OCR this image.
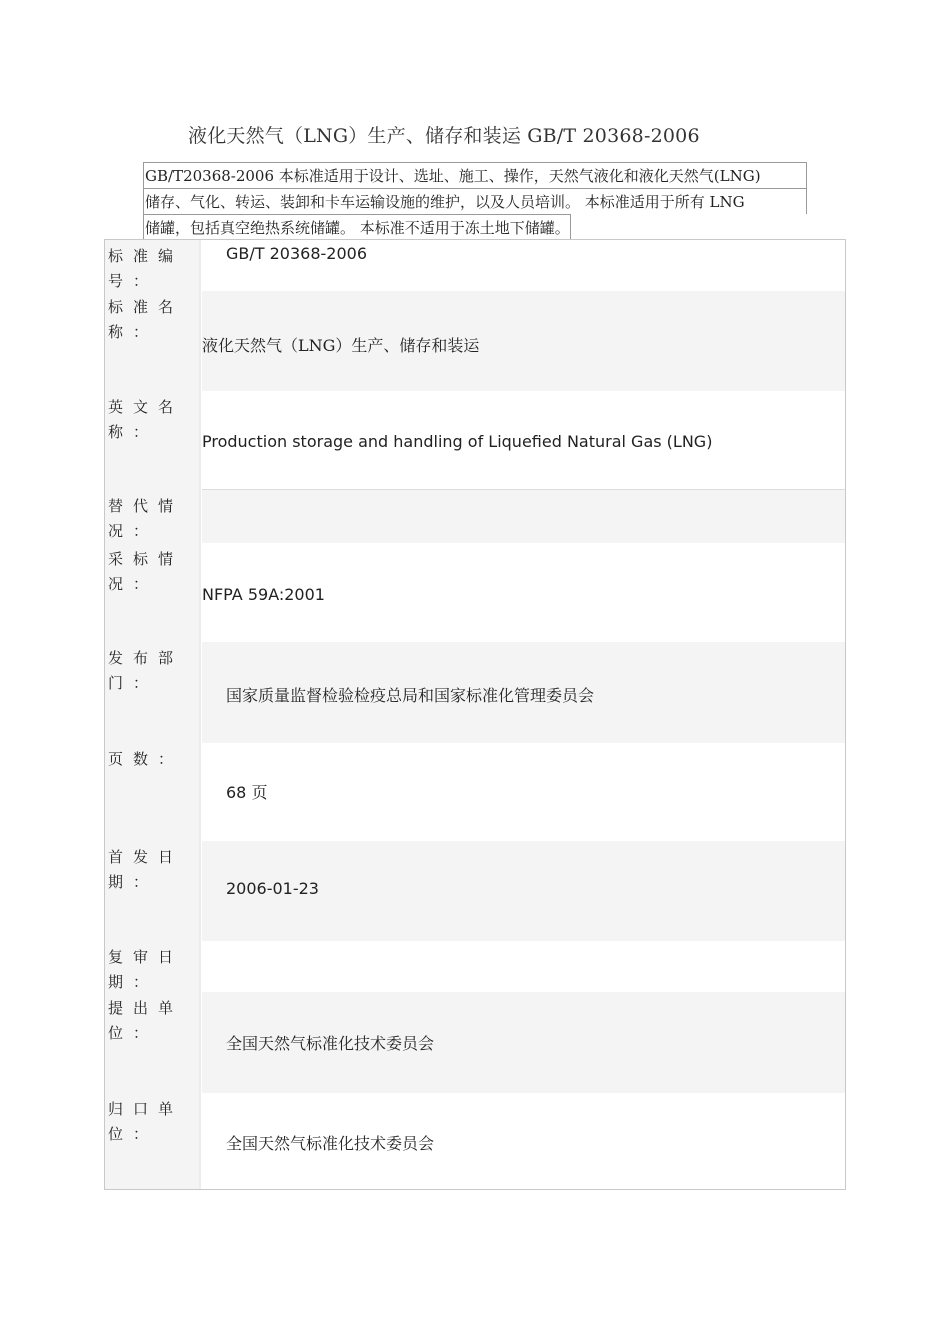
液化天然气（LNG）生产、储存和装运 GB/T 20368-2006
GB/T20368-2006 本标准适用于设计、选址、施工、操作，天然气液化和液化天然气(LNG)
储存、气化、转运、装卸和卡车运输设施的维护，以及人员培训。 本标准适用于所有 LNG
储罐，包括真空绝热系统储罐。 本标准不适用于冻土地下储罐。
标准编号：
GB/T 20368-2006
标准名称：
液化天然气（LNG）生产、储存和装运
英文名称：	Production storage and handling of Liquefied Natural Gas (LNG)
替代情况：
采标情况：
NFPA 59A:2001
发布部门：
国家质量监督检验检疫总局和国家标准化管理委员会
页数：
68 页
首发日期：	2006-01-23
复审日期：
提出单位：
全国天然气标准化技术委员会
归口单位：	全国天然气标准化技术委员会
